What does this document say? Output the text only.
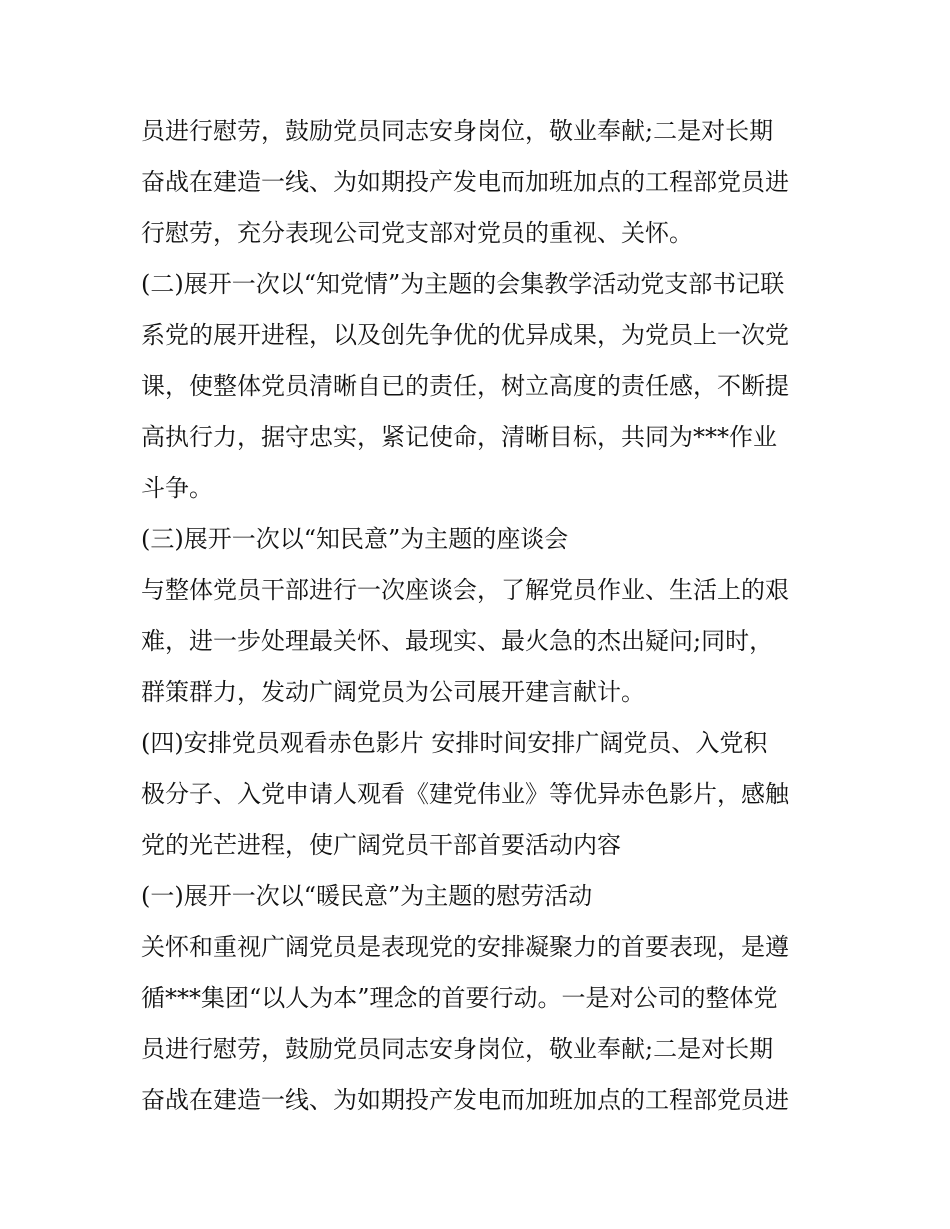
员进行慰劳，鼓励党员同志安身岗位，敬业奉献;二是对长期
奋战在建造一线、为如期投产发电而加班加点的工程部党员进
行慰劳，充分表现公司党支部对党员的重视、关怀。
(二)展开一次以“知党情”为主题的会集教学活动党支部书记联
系党的展开进程，以及创先争优的优异成果，为党员上一次党
课，使整体党员清晰自已的责任，树立高度的责任感，不断提
高执行力，据守忠实，紧记使命，清晰目标，共同为***作业
斗争。
(三)展开一次以“知民意”为主题的座谈会
与整体党员干部进行一次座谈会，了解党员作业、生活上的艰
难，进一步处理最关怀、最现实、最火急的杰出疑问;同时，
群策群力，发动广阔党员为公司展开建言献计。
(四)安排党员观看赤色影片 安排时间安排广阔党员、入党积
极分子、入党申请人观看《建党伟业》等优异赤色影片，感触
党的光芒进程，使广阔党员干部首要活动内容
(一)展开一次以“暖民意”为主题的慰劳活动
关怀和重视广阔党员是表现党的安排凝聚力的首要表现，是遵
循***集团“以人为本”理念的首要行动。一是对公司的整体党
员进行慰劳，鼓励党员同志安身岗位，敬业奉献;二是对长期
奋战在建造一线、为如期投产发电而加班加点的工程部党员进
